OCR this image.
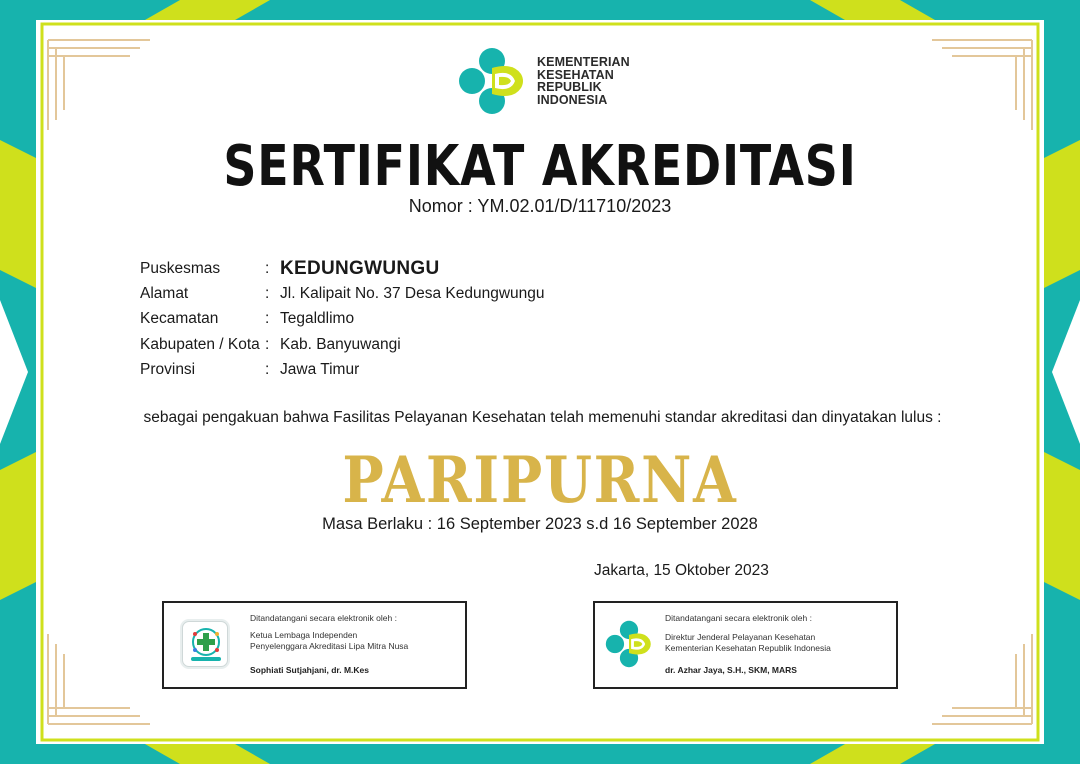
KEMENTERIAN
KESEHATAN
REPUBLIK
INDONESIA
SERTIFIKAT AKREDITASI
Nomor : YM.02.01/D/11710/2023
Puskesmas	: KEDUNGWUNGU
Alamat	: Jl. Kalipait No. 37 Desa Kedungwungu
Kecamatan	: Tegaldlimo
Kabupaten / Kota : Kab. Banyuwangi
Provinsi	: Jawa Timur
sebagai pengakuan bahwa Fasilitas Pelayanan Kesehatan telah memenuhi standar akreditasi dan dinyatakan lulus :
PARIPURNA
Masa Berlaku : 16 September 2023 s.d 16 September 2028
Jakarta, 15 Oktober 2023
Ditandatangani secara elektronik oleh :
Ketua Lembaga Independen
Penyelenggara Akreditasi Lipa Mitra Nusa
Sophiati Sutjahjani, dr. M.Kes
Ditandatangani secara elektronik oleh :
Direktur Jenderal Pelayanan Kesehatan
Kementerian Kesehatan Republik Indonesia
dr. Azhar Jaya, S.H., SKM, MARS
